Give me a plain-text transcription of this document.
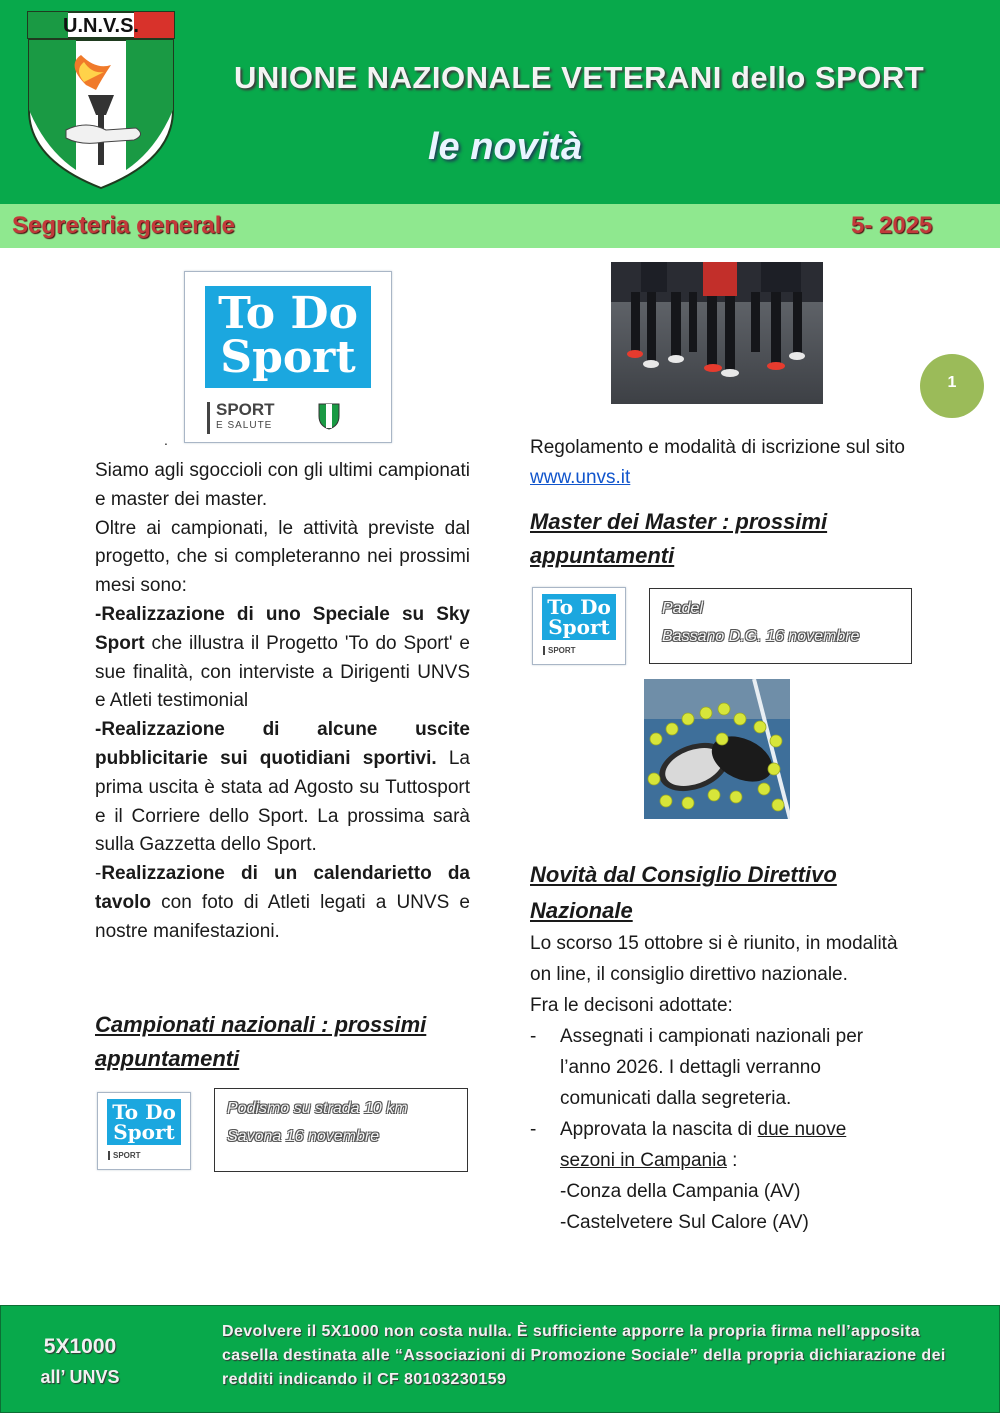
U.N.V.S.
UNIONE NAZIONALE VETERANI dello SPORT
le novità
Segreteria generale	5- 2025
1
To Do
Sport
SPORT
E SALUTE
.

Siamo agli sgoccioli con gli ultimi campionati e master dei master.

Oltre ai campionati, le attività previste dal progetto, che si completeranno nei prossimi mesi sono:

-Realizzazione di uno Speciale su Sky Sport che illustra il Progetto 'To do Sport' e sue finalità, con interviste a Dirigenti UNVS e Atleti testimonial

-Realizzazione di alcune uscite pubblicitarie sui quotidiani sportivi. La prima uscita è stata ad Agosto su Tuttosport e il Corriere dello Sport. La prossima sarà sulla Gazzetta dello Sport.

-Realizzazione di un calendarietto da tavolo con foto di Atleti legati a UNVS e nostre manifestazioni.

Campionati nazionali : prossimi appuntamenti
To Do
Sport
SPORT
Podismo su strada 10 km
Savona 16 novembre
Regolamento e modalità di iscrizione sul sito www.unvs.it
Master dei Master : prossimi appuntamenti
To Do
Sport
SPORT
Padel
Bassano D.G. 16 novembre
Novità dal Consiglio Direttivo Nazionale
Lo scorso 15 ottobre si è riunito, in modalità on line, il consiglio direttivo nazionale.
Fra le decisoni adottate:
- Assegnati i campionati nazionali per l’anno 2026. I dettagli verranno comunicati dalla segreteria.
- Approvata la nascita di due nuove sezoni in Campania :
-Conza della Campania (AV)
-Castelvetere Sul Calore (AV)
5X1000
all’ UNVS
Devolvere il 5X1000 non costa nulla. È sufficiente apporre la propria firma nell’apposita casella destinata alle “Associazioni di Promozione Sociale” della propria dichiarazione dei redditi indicando il CF 80103230159
